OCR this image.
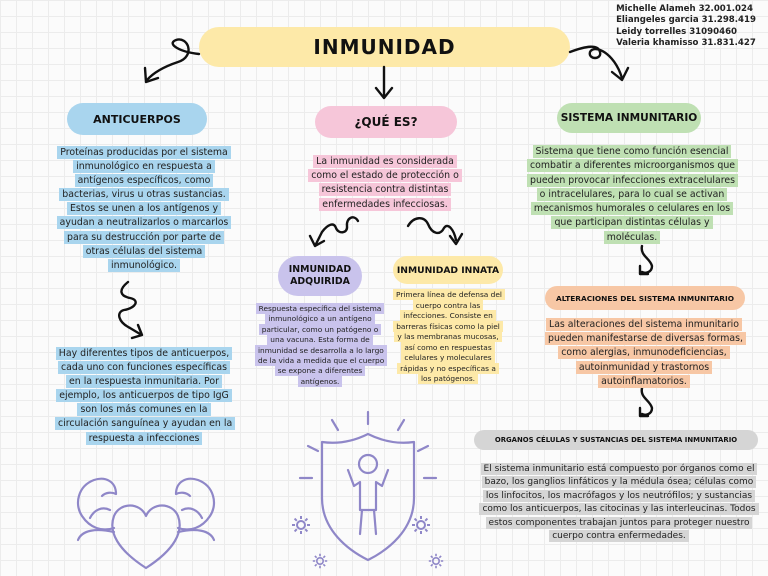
Michelle Alameh 32.001.024
Eliangeles garcia 31.298.419
Leidy torrelles 31090460
Valeria khamisso 31.831.427
INMUNIDAD
ANTICUERPOS
Proteínas producidas por el sistema inmunológico en respuesta a antígenos específicos, como bacterias, virus u otras sustancias. Estos se unen a los antígenos y ayudan a neutralizarlos o marcarlos para su destrucción por parte de otras células del sistema inmunológico.
Hay diferentes tipos de anticuerpos, cada uno con funciones específicas en la respuesta inmunitaria. Por ejemplo, los anticuerpos de tipo IgG son los más comunes en la circulación sanguínea y ayudan en la respuesta a infecciones
¿QUÉ ES?
La inmunidad es considerada como el estado de protección o resistencia contra distintas enfermedades infecciosas.
INMUNIDAD ADQUIRIDA
Respuesta específica del sistema inmunológico a un antígeno particular, como un patógeno o una vacuna. Esta forma de inmunidad se desarrolla a lo largo de la vida a medida que el cuerpo se expone a diferentes antígenos.
INMUNIDAD INNATA
Primera línea de defensa del cuerpo contra las infecciones. Consiste en barreras físicas como la piel y las membranas mucosas, así como en respuestas celulares y moleculares rápidas y no específicas a los patógenos.
SISTEMA INMUNITARIO
Sistema que tiene como función esencial combatir a diferentes microorganismos que pueden provocar infecciones extracelulares o intracelulares, para lo cual se activan mecanismos humorales o celulares en los que participan distintas células y moléculas.
ALTERACIONES DEL SISTEMA INMUNITARIO
Las alteraciones del sistema inmunitario pueden manifestarse de diversas formas, como alergias, inmunodeficiencias, autoinmunidad y trastornos autoinflamatorios.
ORGANOS CÉLULAS Y SUSTANCIAS DEL SISTEMA INMUNITARIO
El sistema inmunitario está compuesto por órganos como el bazo, los ganglios linfáticos y la médula ósea; células como los linfocitos, los macrófagos y los neutrófilos; y sustancias como los anticuerpos, las citocinas y las interleucinas. Todos estos componentes trabajan juntos para proteger nuestro cuerpo contra enfermedades.
